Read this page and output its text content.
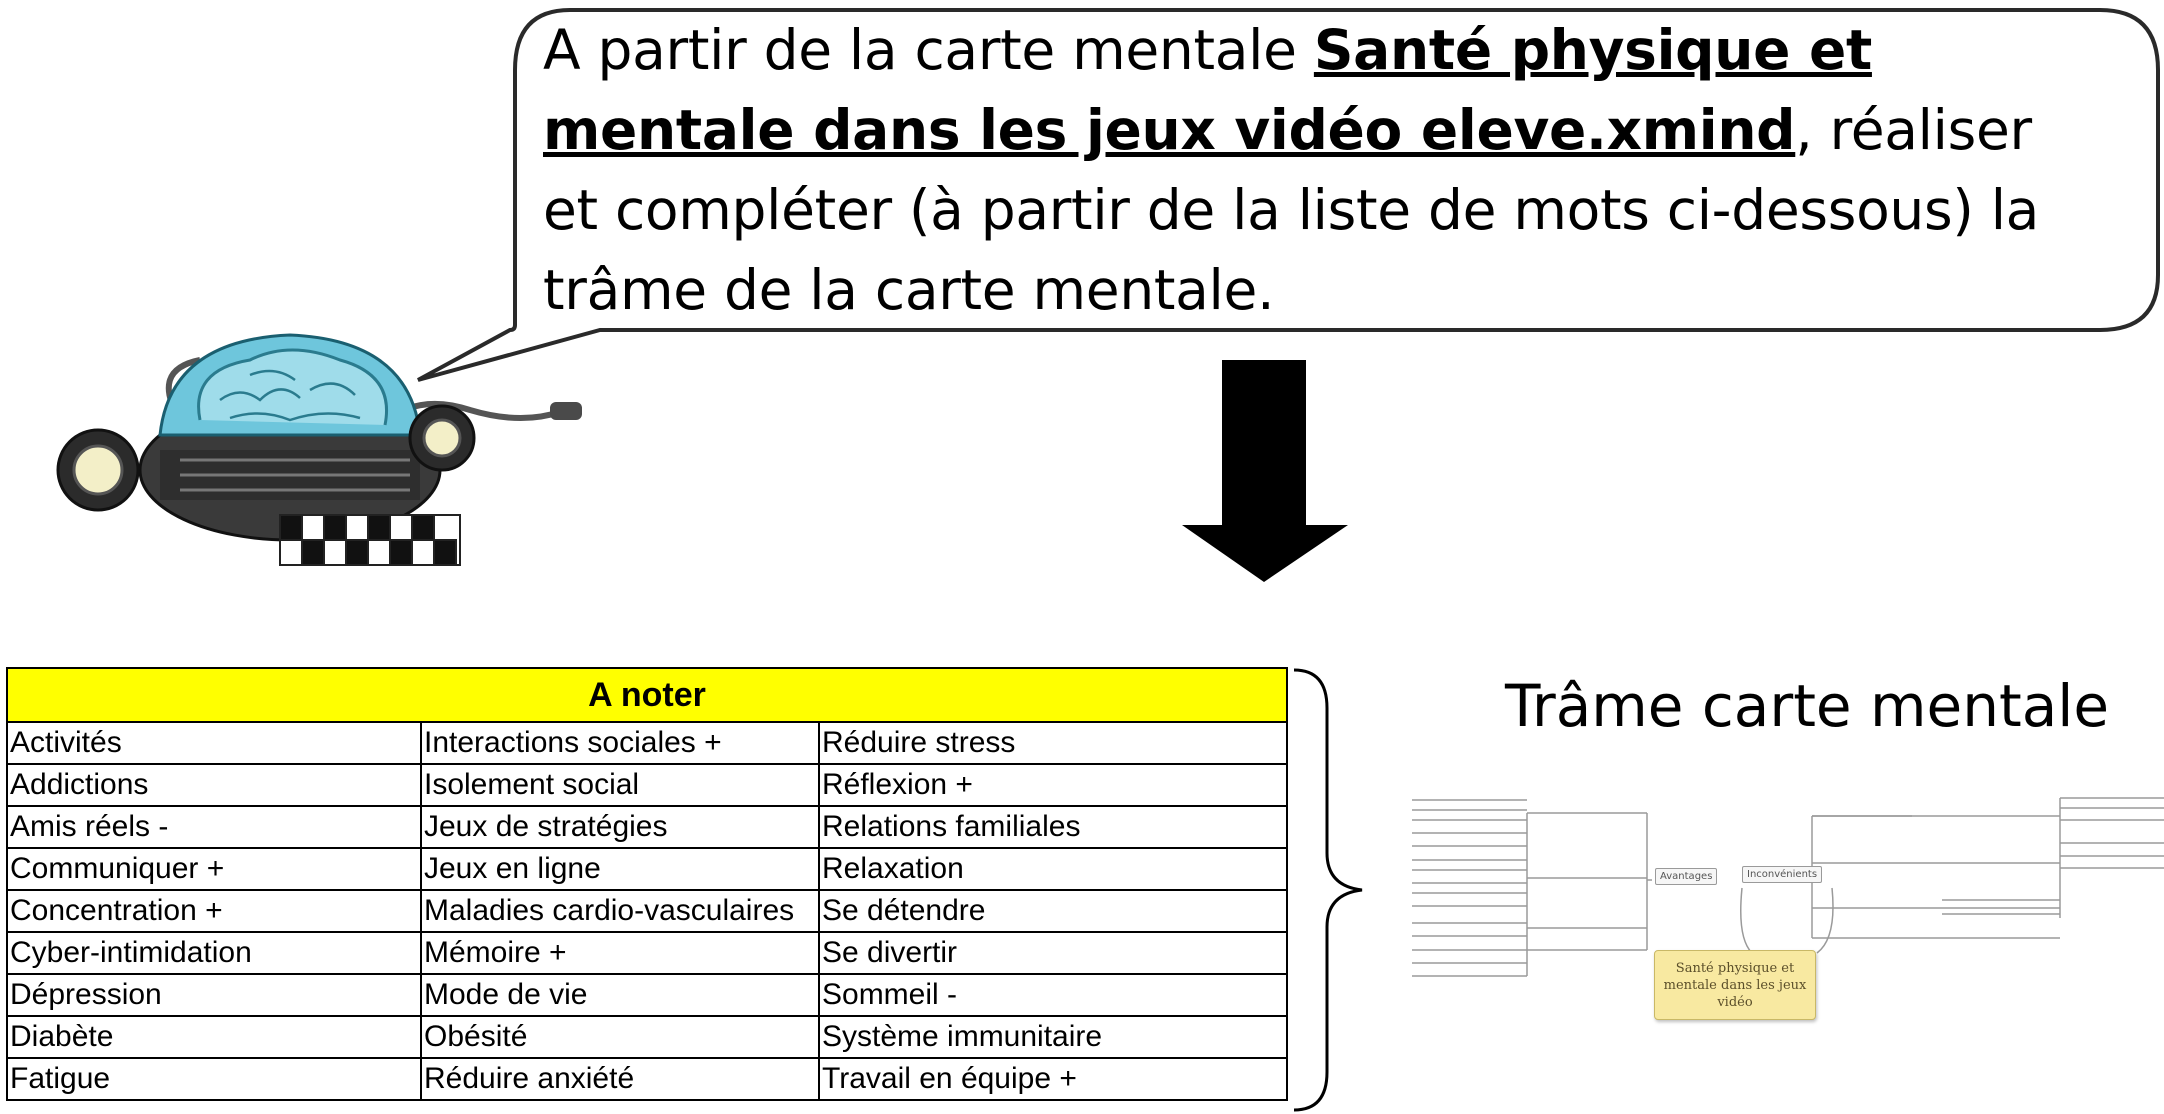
A partir de la carte mentale Santé physique et mentale dans les jeux vidéo eleve.xmind, réaliser et compléter (à partir de la liste de mots ci-dessous) la trâme de la carte mentale.
A noter		
Activités	Interactions sociales +	Réduire stress
Addictions	Isolement social	Réflexion +
Amis réels -	Jeux de stratégies	Relations familiales
Communiquer +	Jeux en ligne	Relaxation
Concentration +	Maladies cardio-vasculaires	Se détendre
Cyber-intimidation	Mémoire +	Se divertir
Dépression	Mode de vie	Sommeil -
Diabète	Obésité	Système immunitaire
Fatigue	Réduire anxiété	Travail en équipe +
Trâme carte mentale
Avantages	Inconvénients
Santé physique et mentale dans les jeux vidéo
